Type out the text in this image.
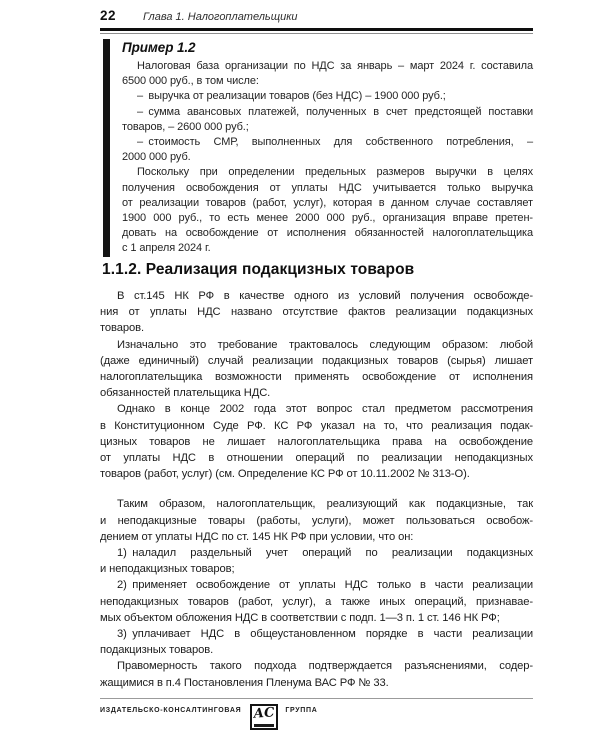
22 Глава 1. Налогоплательщики
Пример 1.2
Налоговая база организации по НДС за январь – март 2024 г. составила
6500 000 руб., в том числе:
– выручка от реализации товаров (без НДС) – 1900 000 руб.;
– сумма авансовых платежей, полученных в счет предстоящей поставки
товаров, – 2600 000 руб.;
– стоимость СМР, выполненных для собственного потребления, –
2000 000 руб.
Поскольку при определении предельных размеров выручки в целях
получения освобождения от уплаты НДС учитывается только выручка
от реализации товаров (работ, услуг), которая в данном случае составляет
1900 000 руб., то есть менее 2000 000 руб., организация вправе претен-
довать на освобождение от исполнения обязанностей налогоплательщика
с 1 апреля 2024 г.
1.1.2. Реализация подакцизных товаров
В ст.145 НК РФ в качестве одного из условий получения освобожде-
ния от уплаты НДС названо отсутствие фактов реализации подакцизных
товаров.
Изначально это требование трактовалось следующим образом: любой
(даже единичный) случай реализации подакцизных товаров (сырья) лишает
налогоплательщика возможности применять освобождение от исполнения
обязанностей плательщика НДС.
Однако в конце 2002 года этот вопрос стал предметом рассмотрения
в Конституционном Суде РФ. КС РФ указал на то, что реализация подак-
цизных товаров не лишает налогоплательщика права на освобождение
от уплаты НДС в отношении операций по реализации неподакцизных
товаров (работ, услуг) (см. Определение КС РФ от 10.11.2002 № 313-О).
Таким образом, налогоплательщик, реализующий как подакцизные, так
и неподакцизные товары (работы, услуги), может пользоваться освобож-
дением от уплаты НДС по ст. 145 НК РФ при условии, что он:
1) наладил раздельный учет операций по реализации подакцизных
и неподакцизных товаров;
2) применяет освобождение от уплаты НДС только в части реализации
неподакцизных товаров (работ, услуг), а также иных операций, признавае-
мых объектом обложения НДС в соответствии с подп. 1—3 п. 1 ст. 146 НК РФ;
3) уплачивает НДС в общеустановленном порядке в части реализации
подакцизных товаров.
Правомерность такого подхода подтверждается разъяснениями, содер-
жащимися в п.4 Постановления Пленума ВАС РФ № 33.
ИЗДАТЕЛЬСКО-КОНСАЛТИНГОВАЯ АС ГРУППА
